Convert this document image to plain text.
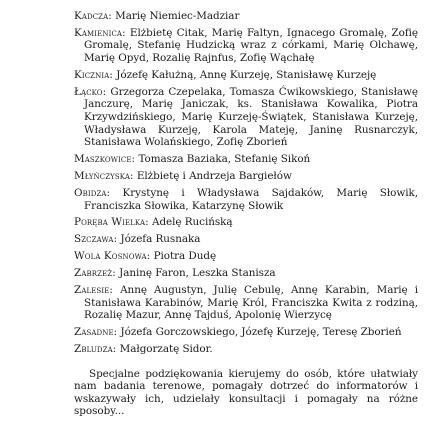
Kadcza: Marię Niemiec-Madziar

Kamienica: Elżbietę Citak, Marię Faltyn, Ignacego Gromalę, Zofię Gromalę, Stefanię Hudzicką wraz z córkami, Marię Olchawę, Marię Opyd, Rozalię Rajnfus, Zofię Wąchałę

Kicznia: Józefę Kałużną, Annę Kurzeję, Stanisławę Kurzeję

Łącko: Grzegorza Czepelaka, Tomasza Ćwikowskiego, Stanisławę Janczurę, Marię Janiczak, ks. Stanisława Kowalika, Piotra Krzywdzińskiego, Marię Kurzeję-Świątek, Stanisława Kurzeję, Władysława Kurzeję, Karola Mateję, Janinę Rusnarczyk, Stanisława Wolańskiego, Zofię Zborień

Maszkowice: Tomasza Baziaka, Stefanię Sikoń

Młyńczyska: Elżbietę i Andrzeja Bargiełów

Obidza: Krystynę i Władysława Sajdaków, Marię Słowik, Franciszka Słowika, Katarzynę Słowik

Poręba Wielka: Adelę Rucińską

Szczawa: Józefa Rusnaka

Wola Kosnowa: Piotra Dudę

Zabrzeż: Janinę Faron, Leszka Stanisza

Zalesie: Annę Augustyn, Julię Cebulę, Annę Karabin, Marię i Stanisława Karabinów, Marię Król, Franciszka Kwita z rodziną, Rozalię Mazur, Annę Tajduś, Apolonię Wierzycę

Zasadne: Józefa Gorczowskiego, Józefę Kurzeję, Teresę Zborień

Zbludza: Małgorzatę Sidor.

Specjalne podziękowania kierujemy do osób, które ułatwiały nam badania terenowe, pomagały dotrzeć do informatorów i wskazywały ich, udzielały konsultacji i pomagały na różne sposoby...
